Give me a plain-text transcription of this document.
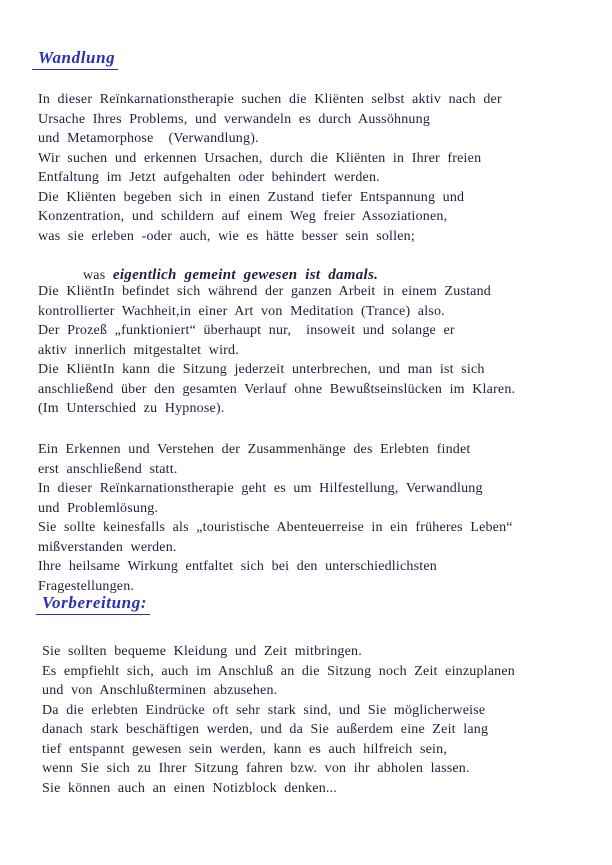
Wandlung
In dieser Reïnkarnationstherapie suchen die Kliënten selbst aktiv nach der
Ursache Ihres Problems, und verwandeln es durch Aussöhnung
und Metamorphose  (Verwandlung).
Wir suchen und erkennen Ursachen, durch die Kliënten in Ihrer freien
Entfaltung im Jetzt aufgehalten oder behindert werden.
Die Kliënten begeben sich in einen Zustand tiefer Entspannung und
Konzentration, und schildern auf einem Weg freier Assoziationen,
was sie erleben -oder auch, wie es hätte besser sein sollen;

was eigentlich gemeint gewesen ist damals.

Die KliëntIn befindet sich während der ganzen Arbeit in einem Zustand
kontrollierter Wachheit,in einer Art von Meditation (Trance) also.
Der Prozeß „funktioniert“ überhaupt nur,  insoweit und solange er
aktiv innerlich mitgestaltet wird.
Die KliëntIn kann die Sitzung jederzeit unterbrechen, und man ist sich
anschließend über den gesamten Verlauf ohne Bewußtseinslücken im Klaren.
(Im Unterschied zu Hypnose).
Ein Erkennen und Verstehen der Zusammenhänge des Erlebten findet
erst anschließend statt.
In dieser Reïnkarnationstherapie geht es um Hilfestellung, Verwandlung
und Problemlösung.
Sie sollte keinesfalls als „touristische Abenteuerreise in ein früheres Leben“
mißverstanden werden.
Ihre heilsame Wirkung entfaltet sich bei den unterschiedlichsten
Fragestellungen.
Vorbereitung:
Sie sollten bequeme Kleidung und Zeit mitbringen.
Es empfiehlt sich, auch im Anschluß an die Sitzung noch Zeit einzuplanen
und von Anschlußterminen abzusehen.
Da die erlebten Eindrücke oft sehr stark sind, und Sie möglicherweise
danach stark beschäftigen werden, und da Sie außerdem eine Zeit lang
tief entspannt gewesen sein werden, kann es auch hilfreich sein,
wenn Sie sich zu Ihrer Sitzung fahren bzw. von ihr abholen lassen.
Sie können auch an einen Notizblock denken...
